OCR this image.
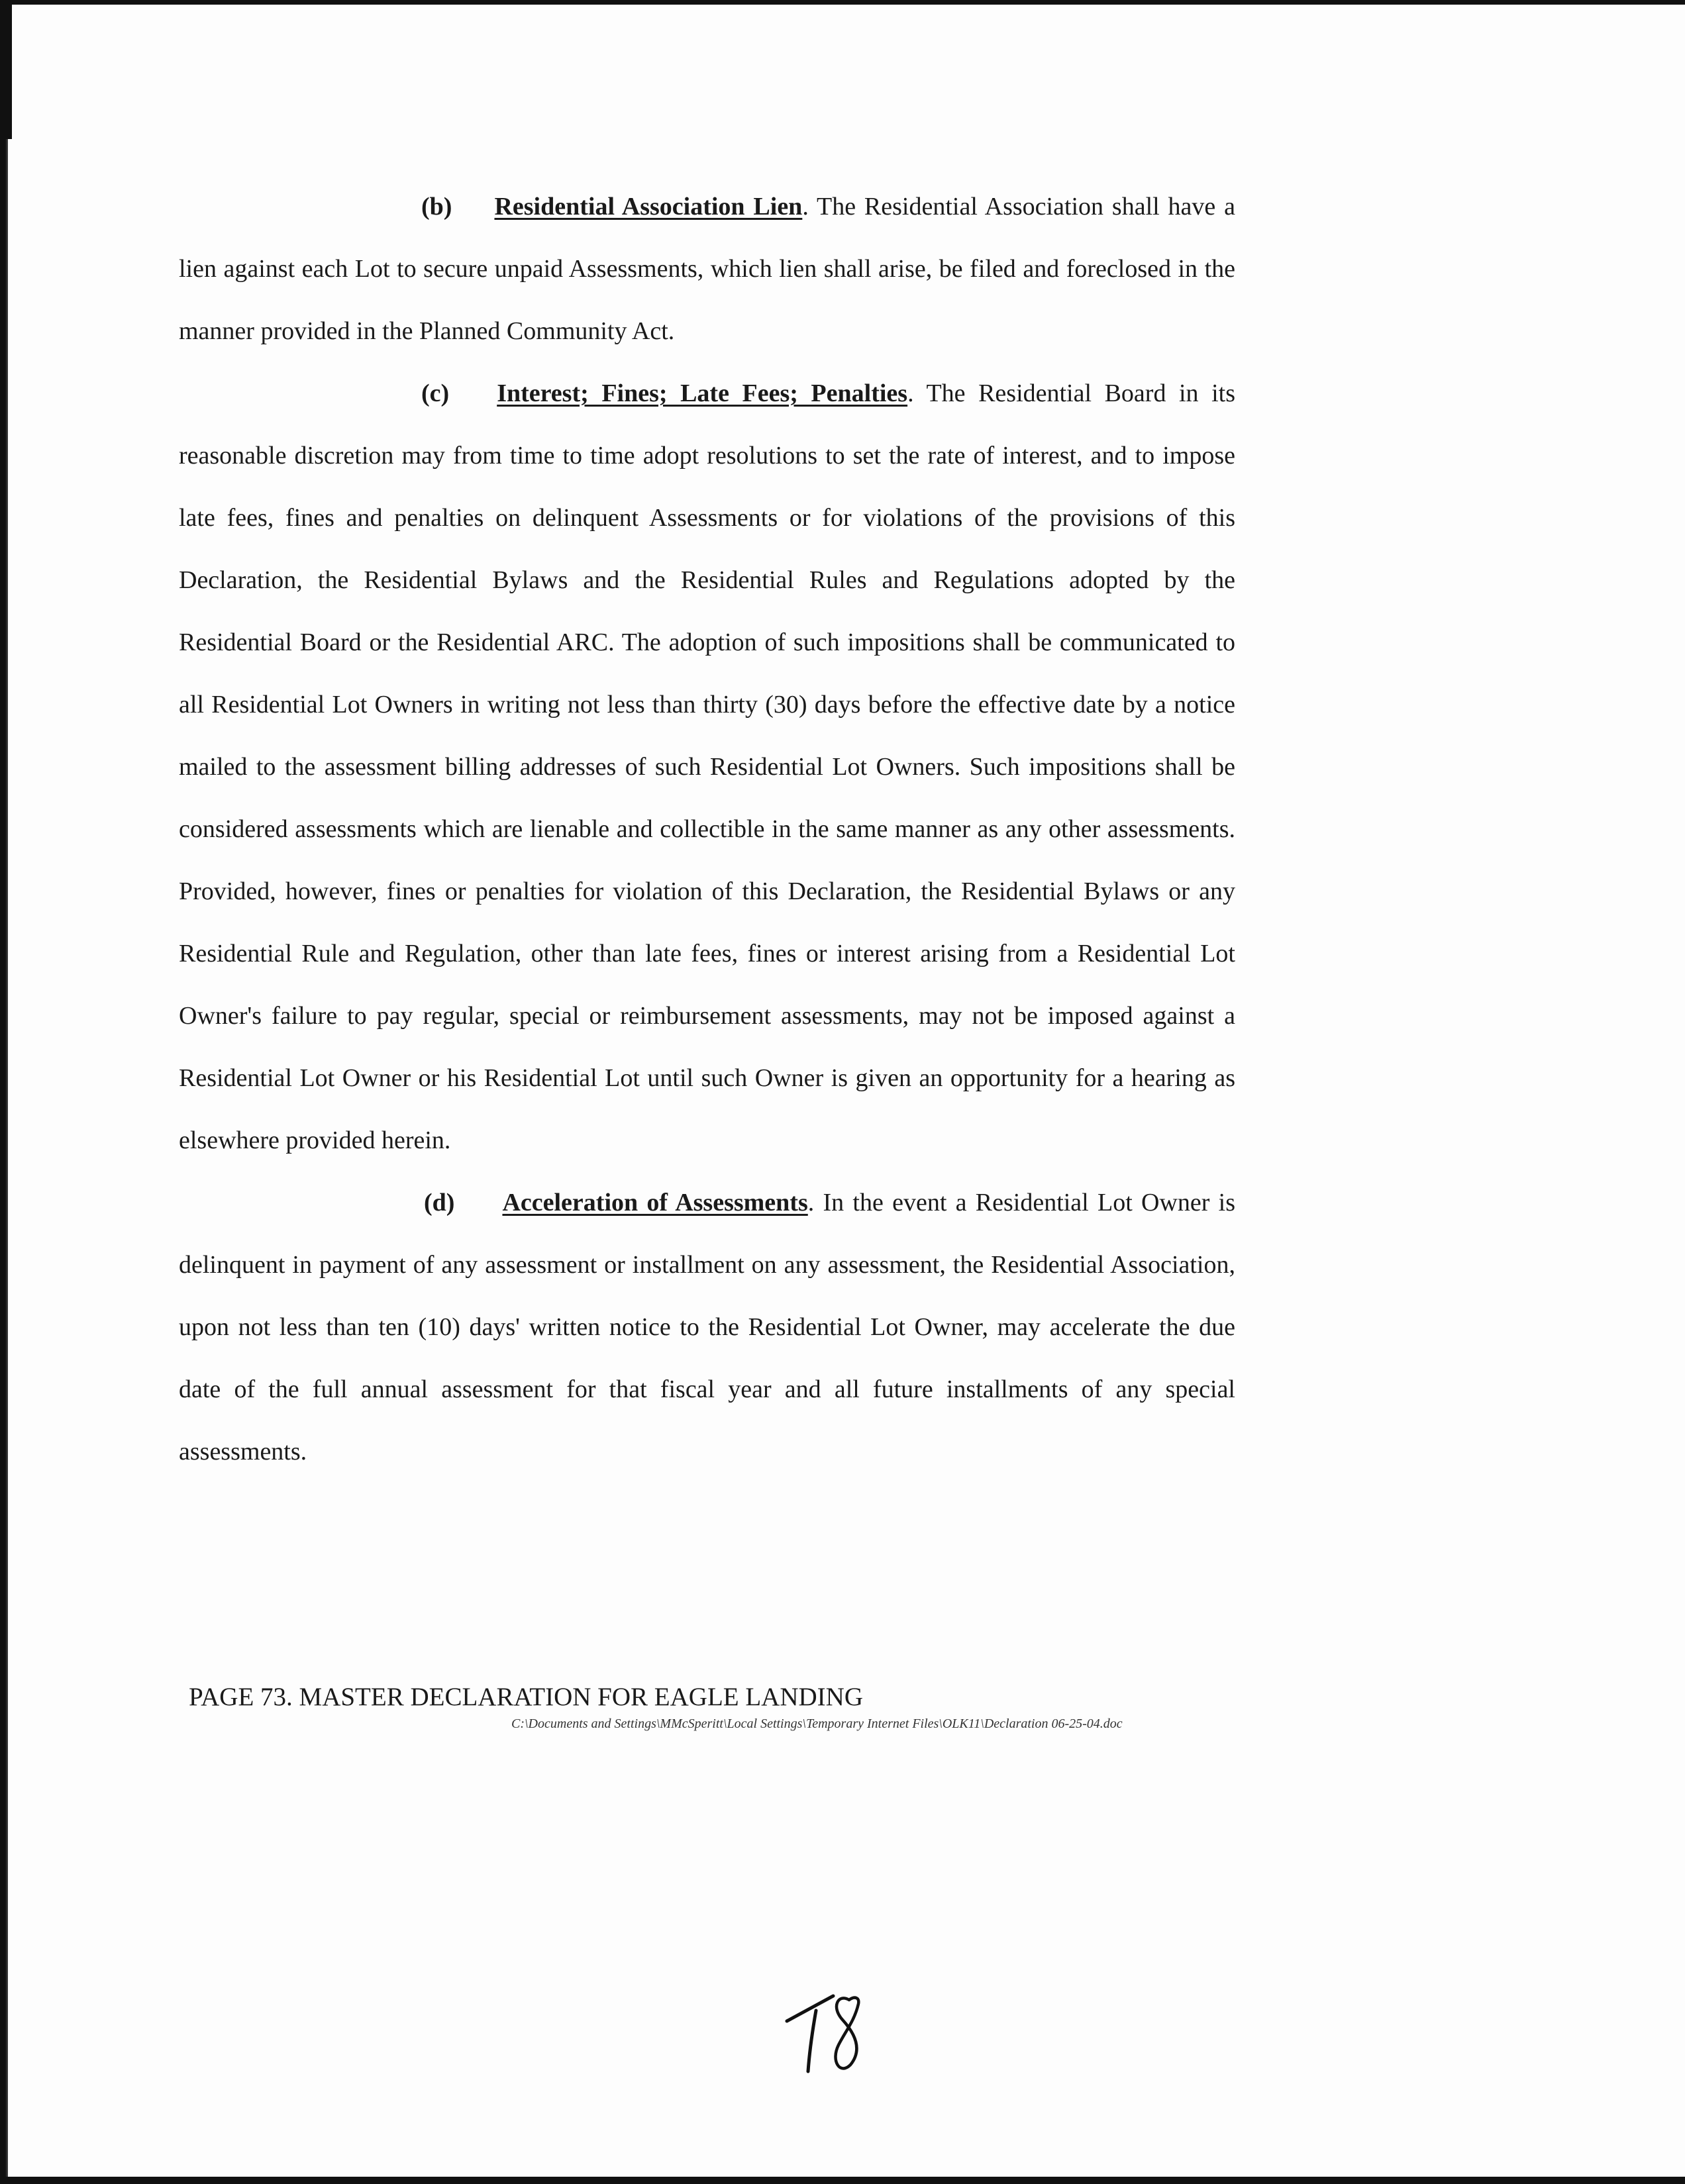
(b) Residential Association Lien. The Residential Association shall have a lien against each Lot to secure unpaid Assessments, which lien shall arise, be filed and foreclosed in the manner provided in the Planned Community Act.

(c) Interest; Fines; Late Fees; Penalties. The Residential Board in its reasonable discretion may from time to time adopt resolutions to set the rate of interest, and to impose late fees, fines and penalties on delinquent Assessments or for violations of the provisions of this Declaration, the Residential Bylaws and the Residential Rules and Regulations adopted by the Residential Board or the Residential ARC. The adoption of such impositions shall be communicated to all Residential Lot Owners in writing not less than thirty (30) days before the effective date by a notice mailed to the assessment billing addresses of such Residential Lot Owners. Such impositions shall be considered assessments which are lienable and collectible in the same manner as any other assessments. Provided, however, fines or penalties for violation of this Declaration, the Residential Bylaws or any Residential Rule and Regulation, other than late fees, fines or interest arising from a Residential Lot Owner's failure to pay regular, special or reimbursement assessments, may not be imposed against a Residential Lot Owner or his Residential Lot until such Owner is given an opportunity for a hearing as elsewhere provided herein.

(d) Acceleration of Assessments. In the event a Residential Lot Owner is delinquent in payment of any assessment or installment on any assessment, the Residential Association, upon not less than ten (10) days' written notice to the Residential Lot Owner, may accelerate the due date of the full annual assessment for that fiscal year and all future installments of any special assessments.

PAGE 73. MASTER DECLARATION FOR EAGLE LANDING
C:\Documents and Settings\MMcSperitt\Local Settings\Temporary Internet Files\OLK11\Declaration 06-25-04.doc
